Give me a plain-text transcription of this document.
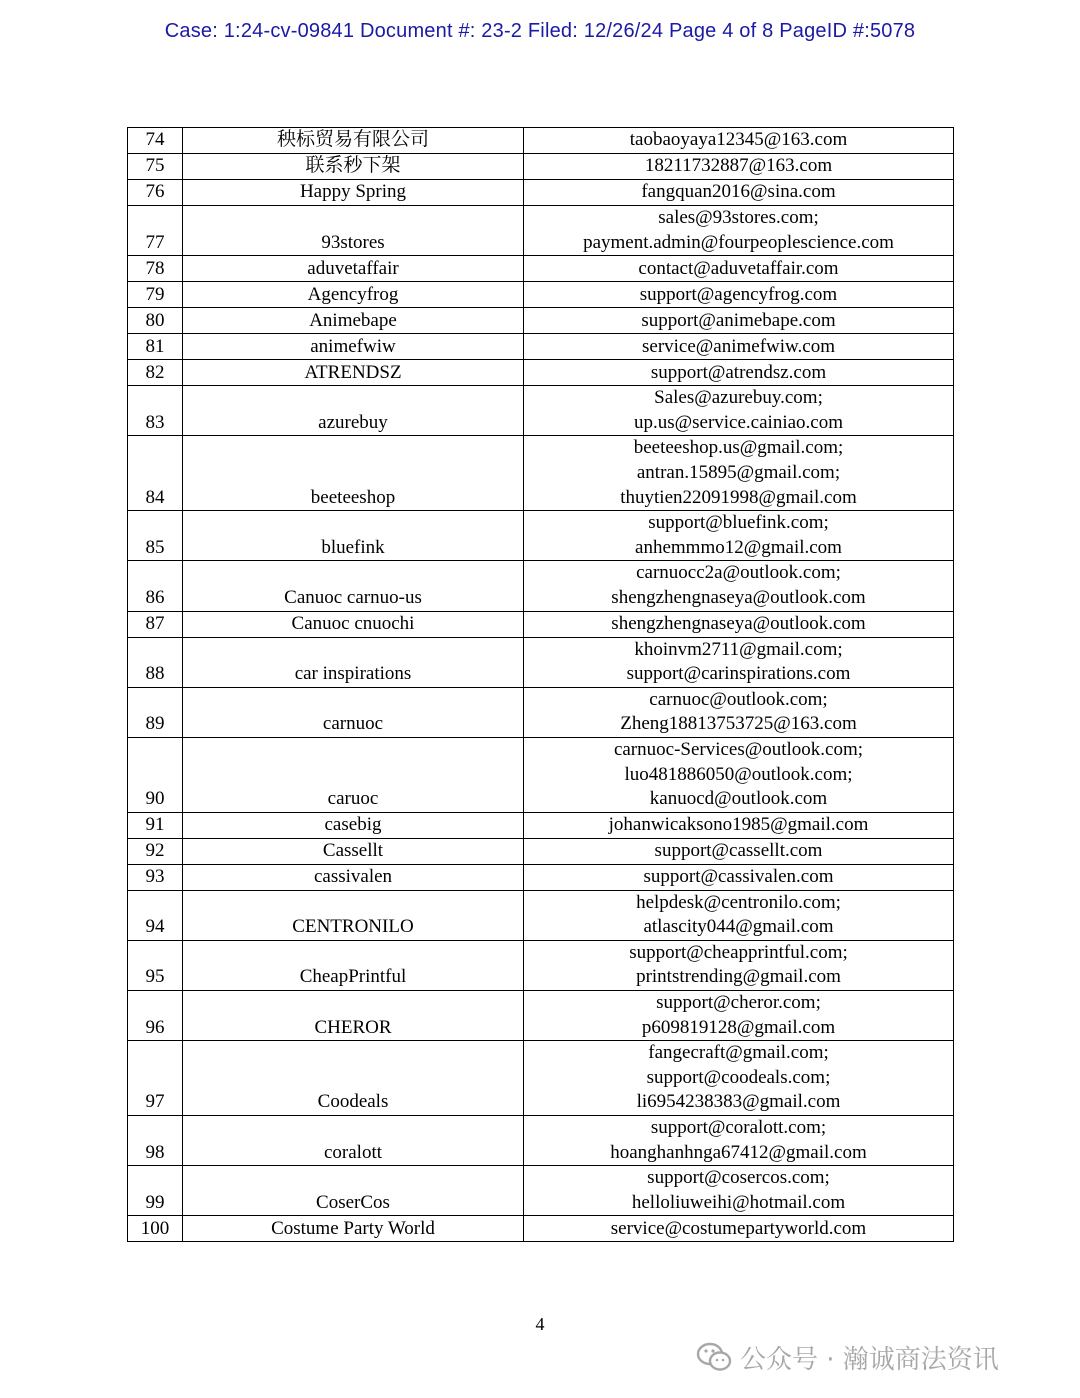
Case: 1:24-cv-09841 Document #: 23-2 Filed: 12/26/24 Page 4 of 8 PageID #:5078
74	秧标贸易有限公司	taobaoyaya12345@163.com

75	联系秒下架	18211732887@163.com

76	Happy Spring	fangquan2016@sina.com

77	93stores	sales@93stores.com;
payment.admin@fourpeoplescience.com

78	aduvetaffair	contact@aduvetaffair.com

79	Agencyfrog	support@agencyfrog.com

80	Animebape	support@animebape.com

81	animefwiw	service@animefwiw.com

82	ATRENDSZ	support@atrendsz.com

83	azurebuy	Sales@azurebuy.com;
up.us@service.cainiao.com

84	beeteeshop	beeteeshop.us@gmail.com;
antran.15895@gmail.com;
thuytien22091998@gmail.com

85	bluefink	support@bluefink.com;
anhemmmo12@gmail.com

86	Canuoc carnuo-us	carnuocc2a@outlook.com;
shengzhengnaseya@outlook.com

87	Canuoc cnuochi	shengzhengnaseya@outlook.com

88	car inspirations	khoinvm2711@gmail.com;
support@carinspirations.com

89	carnuoc	carnuoc@outlook.com;
Zheng18813753725@163.com

90	caruoc	carnuoc-Services@outlook.com;
luo481886050@outlook.com;
kanuocd@outlook.com

91	casebig	johanwicaksono1985@gmail.com

92	Cassellt	support@cassellt.com

93	cassivalen	support@cassivalen.com

94	CENTRONILO	helpdesk@centronilo.com;
atlascity044@gmail.com

95	CheapPrintful	support@cheapprintful.com;
printstrending@gmail.com

96	CHEROR	support@cheror.com;
p609819128@gmail.com

97	Coodeals	fangecraft@gmail.com;
support@coodeals.com;
li6954238383@gmail.com

98	coralott	support@coralott.com;
hoanghanhnga67412@gmail.com

99	CoserCos	support@cosercos.com;
helloliuweihi@hotmail.com

100	Costume Party World	service@costumepartyworld.com
4
公众号 · 瀚诚商法资讯
